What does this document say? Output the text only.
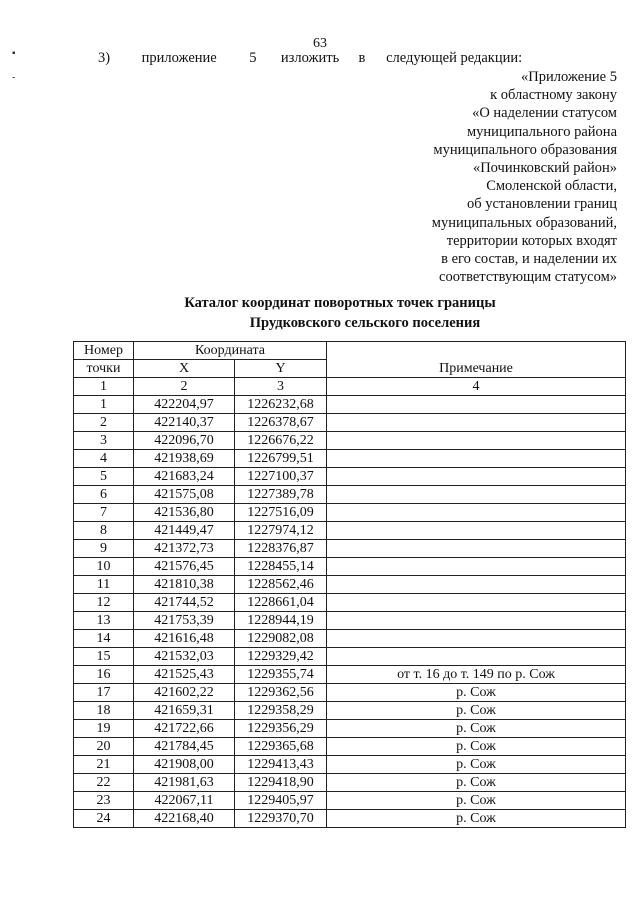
▪
-
63
3) приложение 5 изложить в следующей редакции:
«Приложение 5
к областному закону
«О наделении статусом
муниципального района
муниципального образования
«Починковский район»
Смоленской области,
об установлении границ
муниципальных образований,
территории которых входят
в его состав, и наделении их
соответствующим статусом»
Каталог координат поворотных точек границы
Прудковского сельского поселения
Номер	Координата		Примечание
точки	X	Y	
1	2	3	4
1	422204,97	1226232,68	
2	422140,37	1226378,67	
3	422096,70	1226676,22	
4	421938,69	1226799,51	
5	421683,24	1227100,37	
6	421575,08	1227389,78	
7	421536,80	1227516,09	
8	421449,47	1227974,12	
9	421372,73	1228376,87	
10	421576,45	1228455,14	
11	421810,38	1228562,46	
12	421744,52	1228661,04	
13	421753,39	1228944,19	
14	421616,48	1229082,08	
15	421532,03	1229329,42	
16	421525,43	1229355,74	от т. 16 до т. 149 по р. Сож
17	421602,22	1229362,56	р. Сож
18	421659,31	1229358,29	р. Сож
19	421722,66	1229356,29	р. Сож
20	421784,45	1229365,68	р. Сож
21	421908,00	1229413,43	р. Сож
22	421981,63	1229418,90	р. Сож
23	422067,11	1229405,97	р. Сож
24	422168,40	1229370,70	р. Сож
